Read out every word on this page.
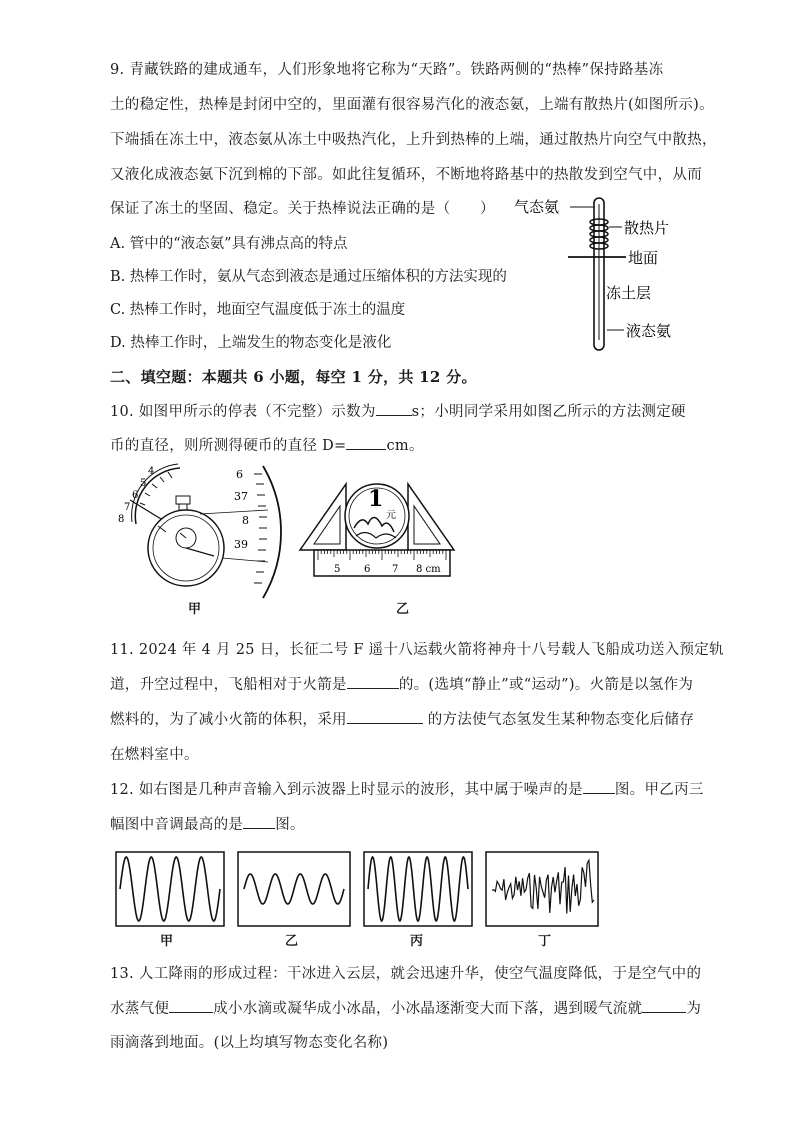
9. 青藏铁路的建成通车，人们形象地将它称为“天路”。铁路两侧的“热棒”保持路基冻
土的稳定性，热棒是封闭中空的，里面灌有很容易汽化的液态氨，上端有散热片(如图所示)。
下端插在冻土中，液态氨从冻土中吸热汽化，上升到热棒的上端，通过散热片向空气中散热，
又液化成液态氨下沉到棉的下部。如此往复循环，不断地将路基中的热散发到空气中，从而
保证了冻土的坚固、稳定。关于热棒说法正确的是（　　）
A. 管中的“液态氨”具有沸点高的特点
B. 热棒工作时，氨从气态到液态是通过压缩体积的方法实现的
C. 热棒工作时，地面空气温度低于冻土的温度
D. 热棒工作时，上端发生的物态变化是液化
气态氨
散热片
地面
冻土层
液态氨
二、填空题：本题共 6 小题，每空 1 分，共 12 分。
10. 如图甲所示的停表（不完整）示数为 s；小明同学采用如图乙所示的方法测定硬
币的直径，则所测得硬币的直径 D=	cm。
4
5
6
7
8
6
37
8
39
甲
1
元
5 6 7 8 cm
乙
11. 2024 年 4 月 25 日，长征二号 F 遥十八运载火箭将神舟十八号载人飞船成功送入预定轨
道，升空过程中，飞船相对于火箭是	的。(选填“静止”或“运动”)。火箭是以氢作为
燃料的，为了减小火箭的体积，采用	的方法使气态氢发生某种物态变化后储存
在燃料室中。
12. 如右图是几种声音输入到示波器上时显示的波形，其中属于噪声的是 图。甲乙丙三
幅图中音调最高的是 图。
甲	乙	丙	丁
13. 人工降雨的形成过程：干冰进入云层，就会迅速升华，使空气温度降低，于是空气中的
水蒸气便	成小水滴或凝华成小冰晶，小冰晶逐渐变大而下落，遇到暖气流就	为
雨滴落到地面。(以上均填写物态变化名称)
